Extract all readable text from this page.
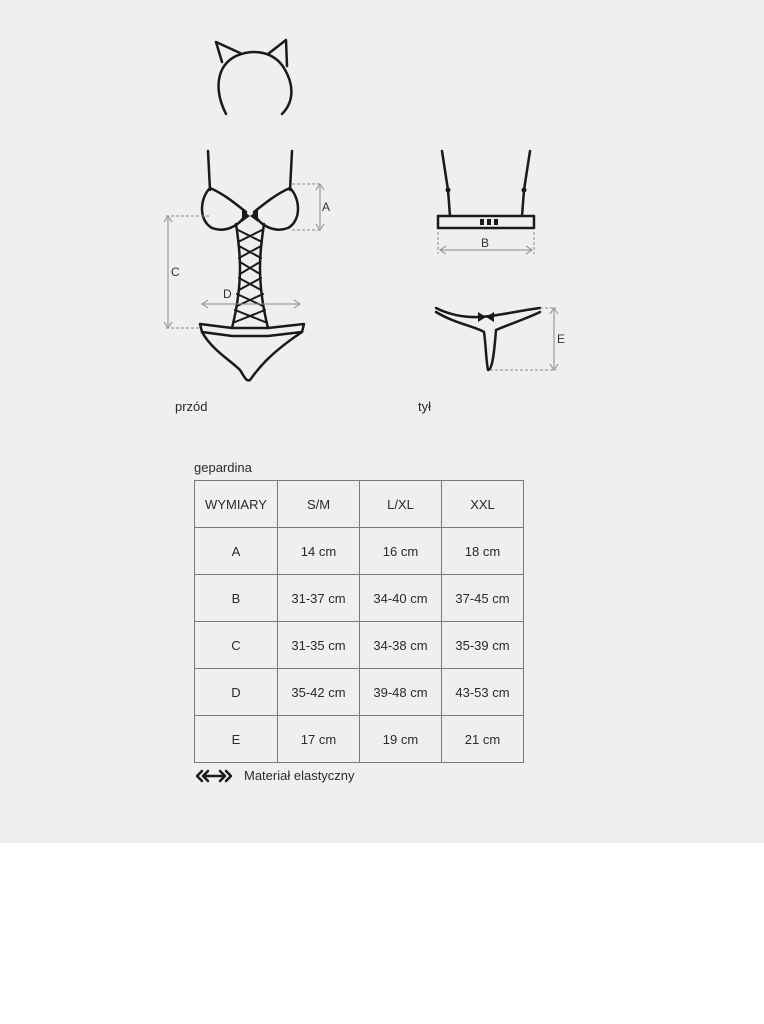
A
B
C
D
E
przód	tył
gepardina
WYMIARY	S/M	L/XL	XXL
A	14 cm	16 cm	18 cm
B	31-37 cm	34-40 cm	37-45 cm
C	31-35 cm	34-38 cm	35-39 cm
D	35-42 cm	39-48 cm	43-53 cm
E	17 cm	19 cm	21 cm
Materiał elastyczny
